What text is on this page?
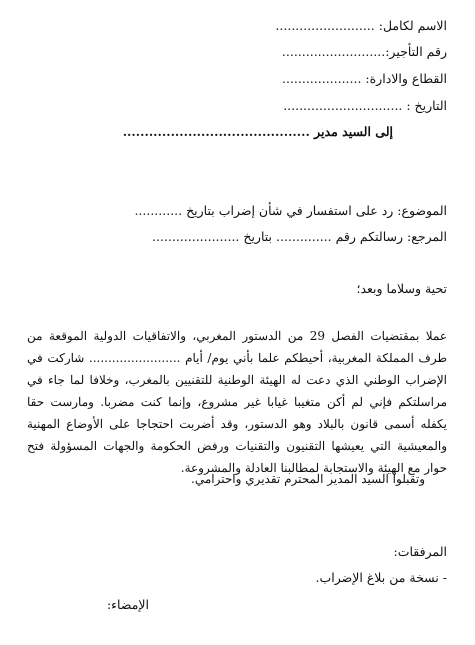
الاسم لكامل: .........................
رقم التأجير:..........................
القطاع والادارة: ....................
التاريخ : ..............................
إلى السيد مدير ...........................................
الموضوع: رد على استفسار في شأن إضراب بتاريخ ............
المرجع: رسالتكم رقم .............. بتاريخ ......................
تحية وسلاما وبعد؛
عملا بمقتضيات الفصل 29 من الدستور المغربي، والاتفاقيات الدولية الموقعة من طرف المملكة المغربية، أحيطكم علما بأني يوم/ أيام ........................ شاركت في الإضراب الوطني الذي دعت له الهيئة الوطنية للتقنيين بالمغرب، وخلافا لما جاء في مراسلتكم فإني لم أكن متغيبا غيابا غير مشروع، وإنما كنت مضربا. ومارست حقا يكفله أسمى قانون بالبلاد وهو الدستور، وقد أضربت احتجاجا على الأوضاع المهنية والمعيشية التي يعيشها التقنيون والتقنيات ورفض الحكومة والجهات المسؤولة فتح حوار مع الهيئة والاستجابة لمطالبنا العادلة والمشروعة.
وتقبلوا السيد المدير المحترم تقديري واحترامي.
المرفقات:
- نسخة من بلاغ الإضراب.
الإمضاء:
